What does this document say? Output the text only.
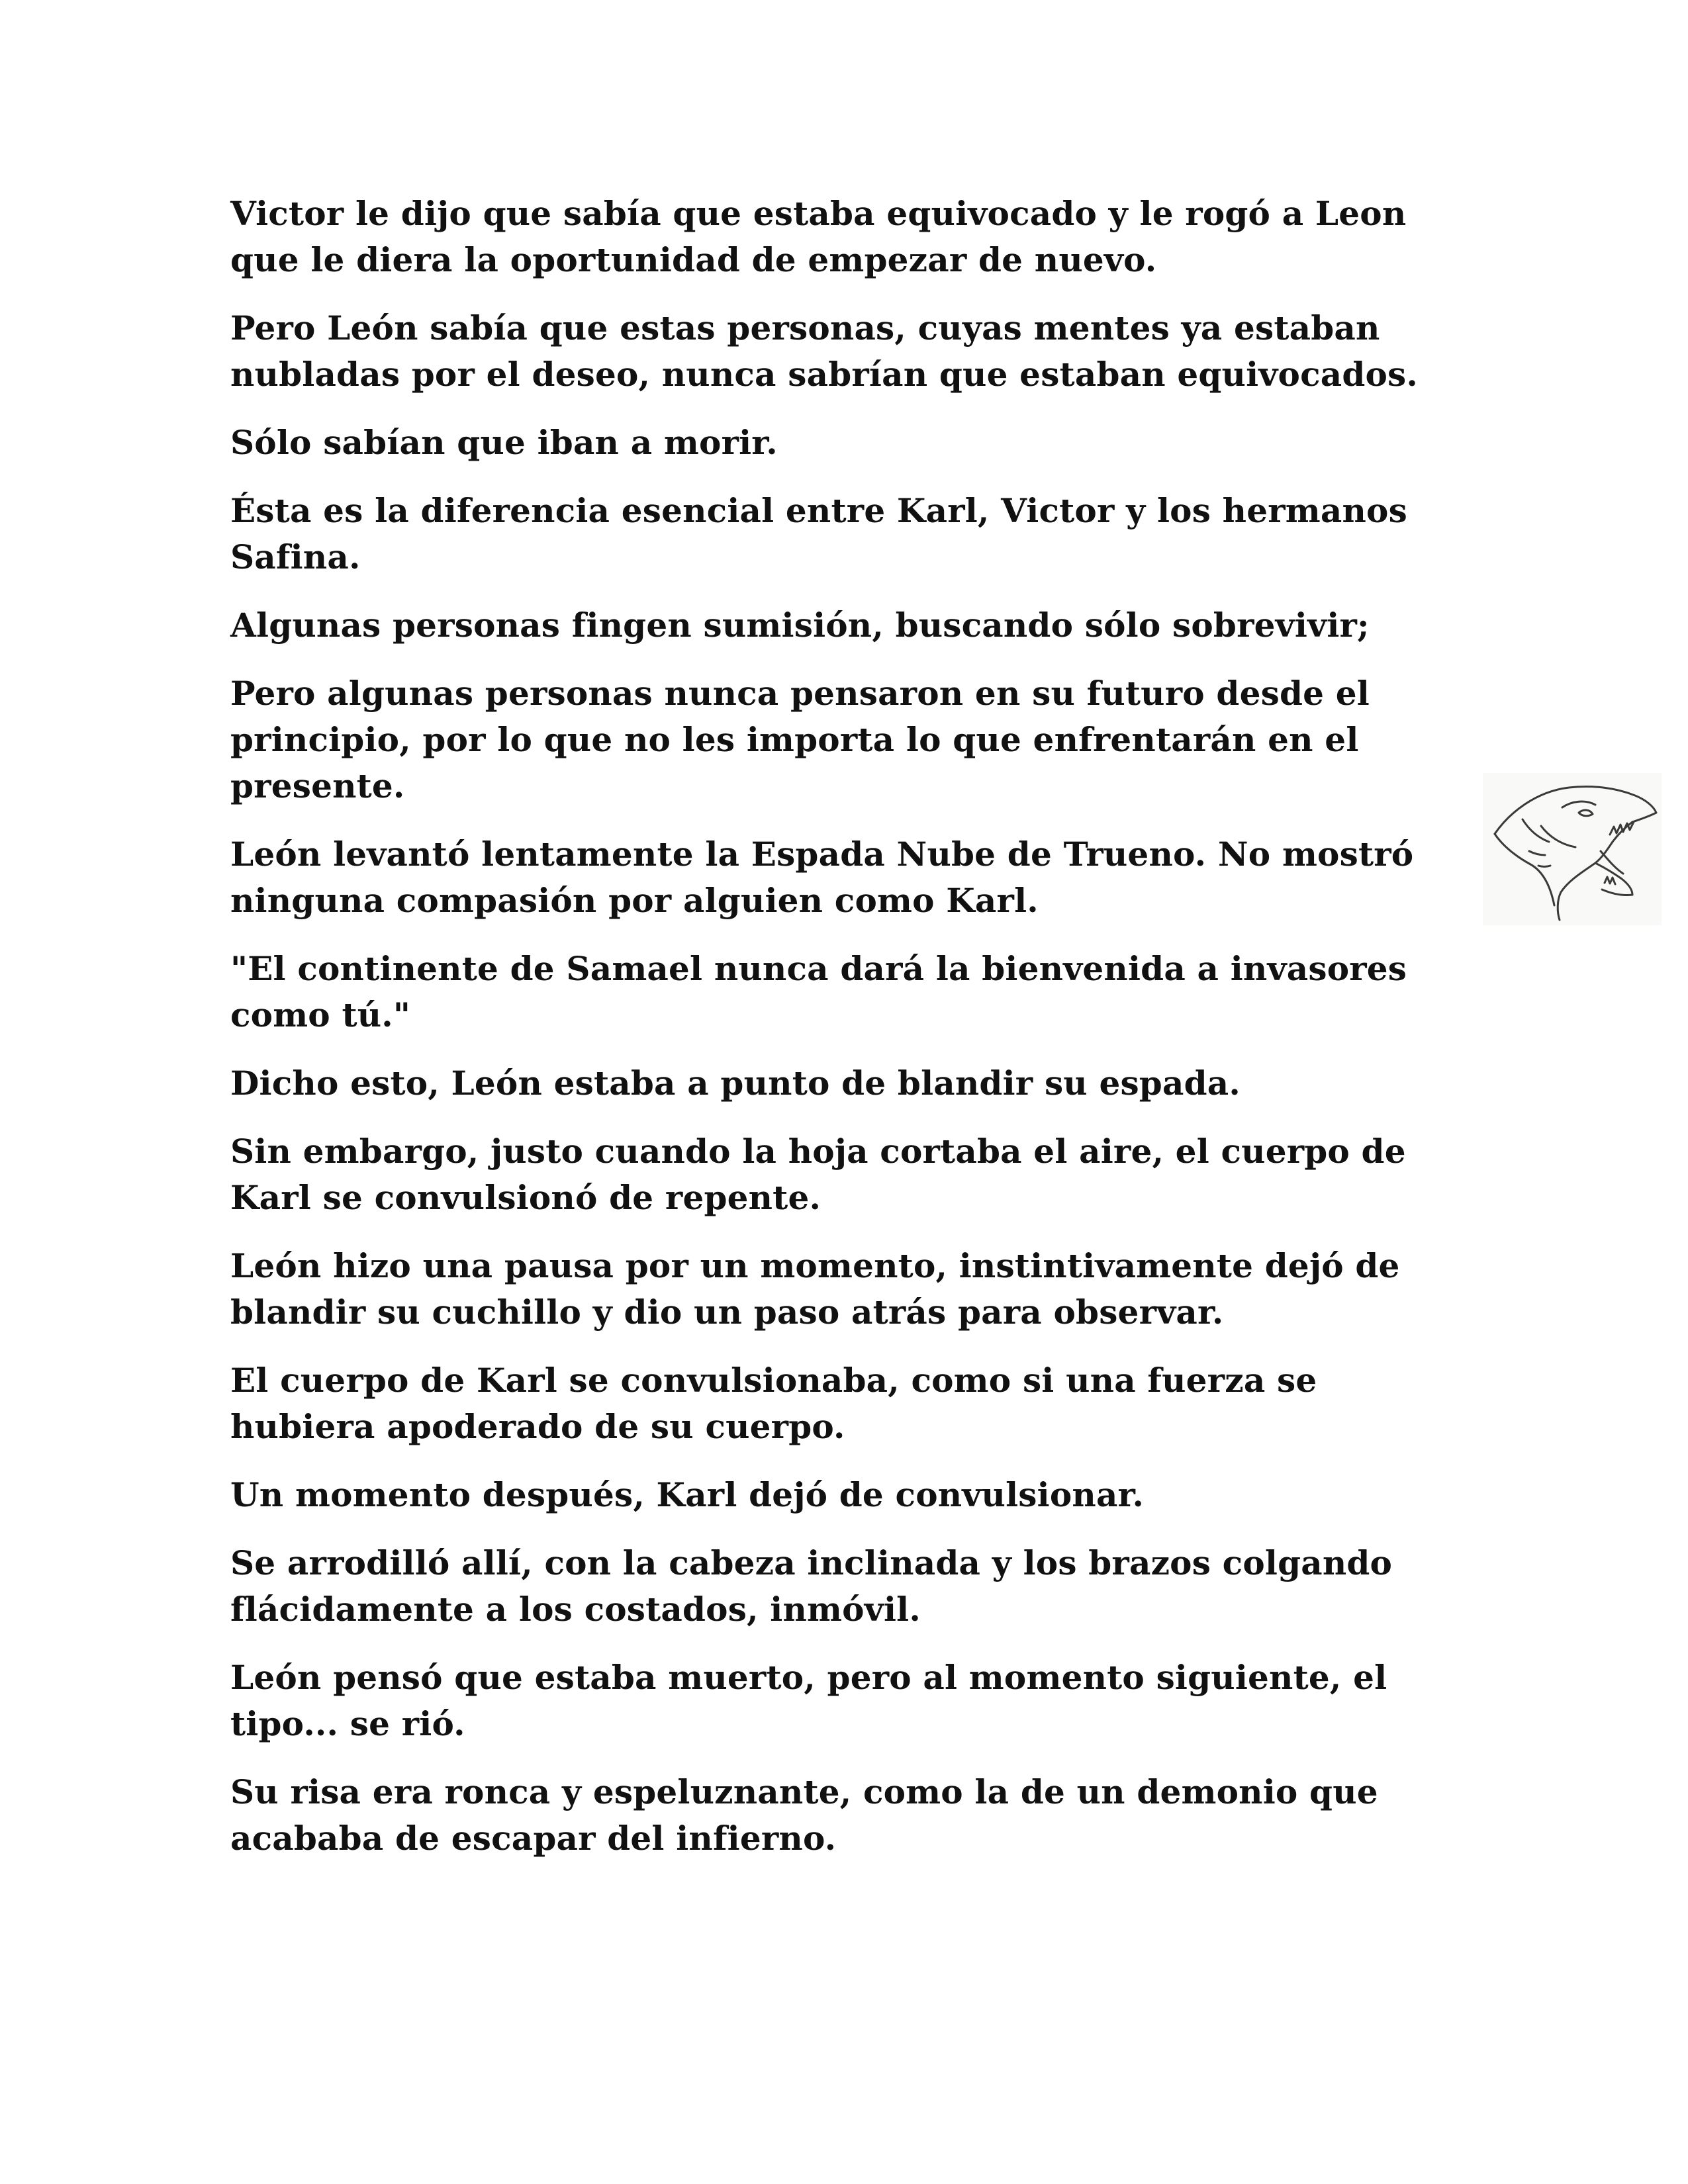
Victor le dijo que sabía que estaba equivocado y le rogó a Leon que le diera la oportunidad de empezar de nuevo.

Pero León sabía que estas personas, cuyas mentes ya estaban nubladas por el deseo, nunca sabrían que estaban equivocados.

Sólo sabían que iban a morir.

Ésta es la diferencia esencial entre Karl, Victor y los hermanos Safina.

Algunas personas fingen sumisión, buscando sólo sobrevivir;

Pero algunas personas nunca pensaron en su futuro desde el principio, por lo que no les importa lo que enfrentarán en el presente.

León levantó lentamente la Espada Nube de Trueno. No mostró ninguna compasión por alguien como Karl.

"El continente de Samael nunca dará la bienvenida a invasores como tú."

Dicho esto, León estaba a punto de blandir su espada.

Sin embargo, justo cuando la hoja cortaba el aire, el cuerpo de Karl se convulsionó de repente.

León hizo una pausa por un momento, instintivamente dejó de blandir su cuchillo y dio un paso atrás para observar.

El cuerpo de Karl se convulsionaba, como si una fuerza se hubiera apoderado de su cuerpo.

Un momento después, Karl dejó de convulsionar.

Se arrodilló allí, con la cabeza inclinada y los brazos colgando flácidamente a los costados, inmóvil.

León pensó que estaba muerto, pero al momento siguiente, el tipo... se rió.

Su risa era ronca y espeluznante, como la de un demonio que acababa de escapar del infierno.
